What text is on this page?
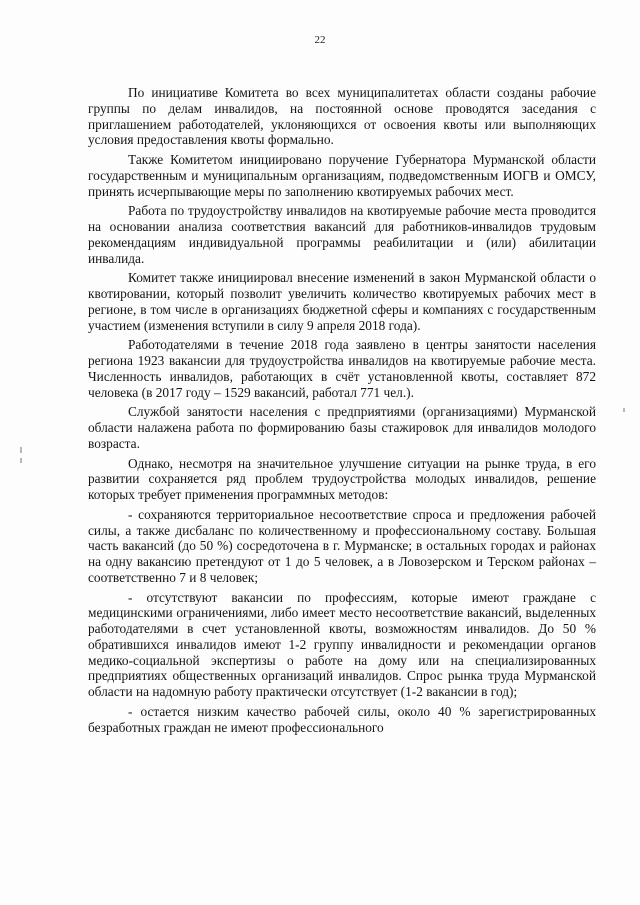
22

По инициативе Комитета во всех муниципалитетах области созданы рабочие группы по делам инвалидов, на постоянной основе проводятся заседания с приглашением работодателей, уклоняющихся от освоения квоты или выполняющих условия предоставления квоты формально.

Также Комитетом инициировано поручение Губернатора Мурманской области государственным и муниципальным организациям, подведомственным ИОГВ и ОМСУ, принять исчерпывающие меры по заполнению квотируемых рабочих мест.

Работа по трудоустройству инвалидов на квотируемые рабочие места проводится на основании анализа соответствия вакансий для работников-инвалидов трудовым рекомендациям индивидуальной программы реабилитации и (или) абилитации инвалида.

Комитет также инициировал внесение изменений в закон Мурманской области о квотировании, который позволит увеличить количество квотируемых рабочих мест в регионе, в том числе в организациях бюджетной сферы и компаниях с государственным участием (изменения вступили в силу 9 апреля 2018 года).

Работодателями в течение 2018 года заявлено в центры занятости населения региона 1923 вакансии для трудоустройства инвалидов на квотируемые рабочие места. Численность инвалидов, работающих в счёт установленной квоты, составляет 872 человека (в 2017 году – 1529 вакансий, работал 771 чел.).

Службой занятости населения с предприятиями (организациями) Мурманской области налажена работа по формированию базы стажировок для инвалидов молодого возраста.

Однако, несмотря на значительное улучшение ситуации на рынке труда, в его развитии сохраняется ряд проблем трудоустройства молодых инвалидов, решение которых требует применения программных методов:

- сохраняются территориальное несоответствие спроса и предложения рабочей силы, а также дисбаланс по количественному и профессиональному составу. Большая часть вакансий (до 50 %) сосредоточена в г. Мурманске; в остальных городах и районах на одну вакансию претендуют от 1 до 5 человек, а в Ловозерском и Терском районах – соответственно 7 и 8 человек;

- отсутствуют вакансии по профессиям, которые имеют граждане с медицинскими ограничениями, либо имеет место несоответствие вакансий, выделенных работодателями в счет установленной квоты, возможностям инвалидов. До 50 % обратившихся инвалидов имеют 1-2 группу инвалидности и рекомендации органов медико-социальной экспертизы о работе на дому или на специализированных предприятиях общественных организаций инвалидов. Спрос рынка труда Мурманской области на надомную работу практически отсутствует (1-2 вакансии в год);

- остается низким качество рабочей силы, около 40 % зарегистрированных безработных граждан не имеют профессионального
